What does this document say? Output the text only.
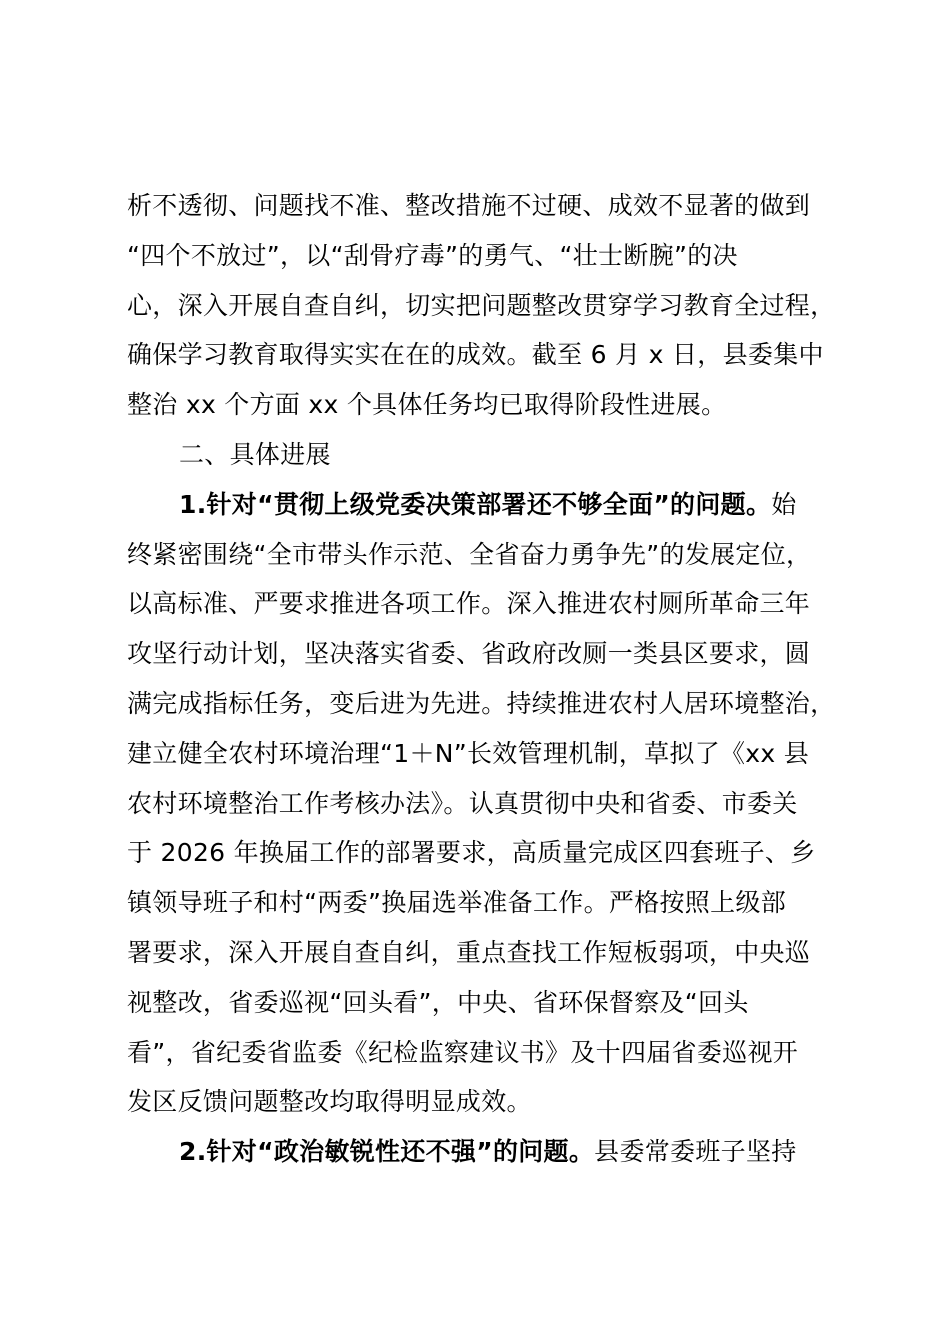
析不透彻、问题找不准、整改措施不过硬、成效不显著的做到
“四个不放过”，以“刮骨疗毒”的勇气、“壮士断腕”的决
心，深入开展自查自纠，切实把问题整改贯穿学习教育全过程，
确保学习教育取得实实在在的成效。截至 6 月 x 日，县委集中
整治 xx 个方面 xx 个具体任务均已取得阶段性进展。
二、具体进展
1.针对“贯彻上级党委决策部署还不够全面”的问题。始
终紧密围绕“全市带头作示范、全省奋力勇争先”的发展定位，
以高标准、严要求推进各项工作。深入推进农村厕所革命三年
攻坚行动计划，坚决落实省委、省政府改厕一类县区要求，圆
满完成指标任务，变后进为先进。持续推进农村人居环境整治，
建立健全农村环境治理“1＋N”长效管理机制，草拟了《xx 县
农村环境整治工作考核办法》。认真贯彻中央和省委、市委关
于 2026 年换届工作的部署要求，高质量完成区四套班子、乡
镇领导班子和村“两委”换届选举准备工作。严格按照上级部
署要求，深入开展自查自纠，重点查找工作短板弱项，中央巡
视整改，省委巡视“回头看”，中央、省环保督察及“回头
看”，省纪委省监委《纪检监察建议书》及十四届省委巡视开
发区反馈问题整改均取得明显成效。
2.针对“政治敏锐性还不强”的问题。县委常委班子坚持
